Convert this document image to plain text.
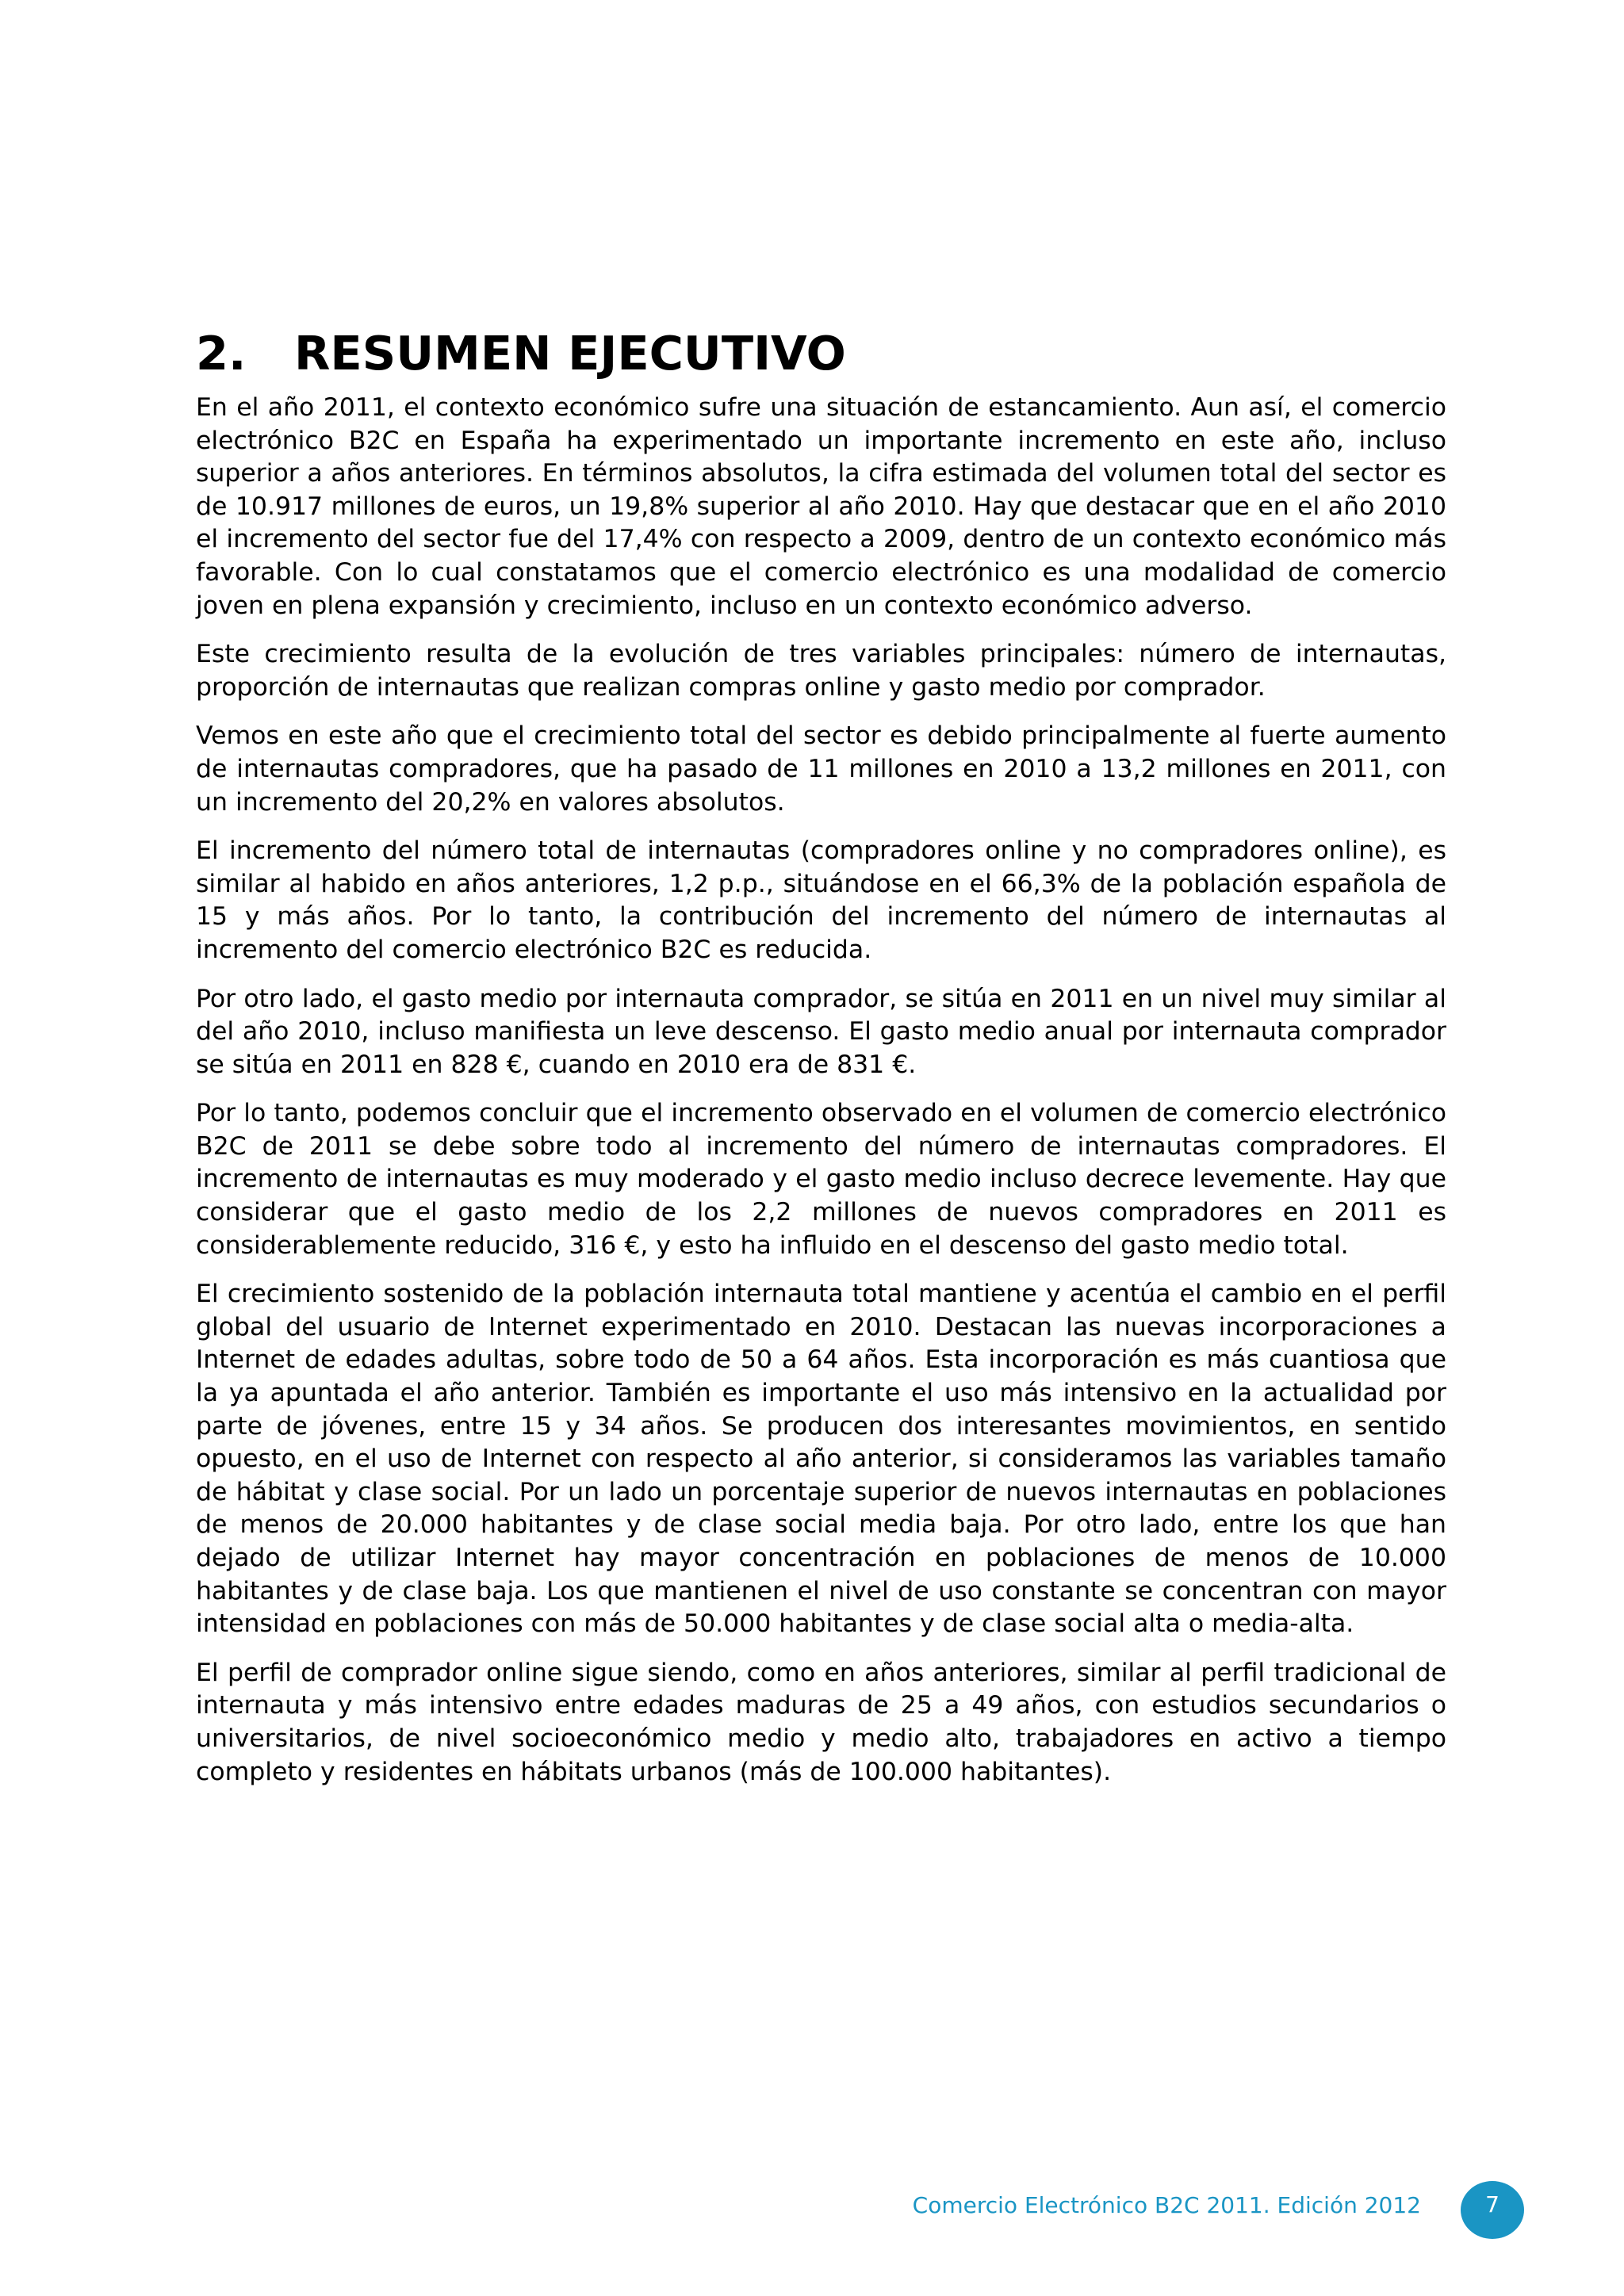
2. RESUMEN EJECUTIVO

En el año 2011, el contexto económico sufre una situación de estancamiento. Aun así, el comercio electrónico B2C en España ha experimentado un importante incremento en este año, incluso superior a años anteriores. En términos absolutos, la cifra estimada del volumen total del sector es de 10.917 millones de euros, un 19,8% superior al año 2010. Hay que destacar que en el año 2010 el incremento del sector fue del 17,4% con respecto a 2009, dentro de un contexto económico más favorable. Con lo cual constatamos que el comercio electrónico es una modalidad de comercio joven en plena expansión y crecimiento, incluso en un contexto económico adverso.

Este crecimiento resulta de la evolución de tres variables principales: número de internautas, proporción de internautas que realizan compras online y gasto medio por comprador.

Vemos en este año que el crecimiento total del sector es debido principalmente al fuerte aumento de internautas compradores, que ha pasado de 11 millones en 2010 a 13,2 millones en 2011, con un incremento del 20,2% en valores absolutos.

El incremento del número total de internautas (compradores online y no compradores online), es similar al habido en años anteriores, 1,2 p.p., situándose en el 66,3% de la población española de 15 y más años. Por lo tanto, la contribución del incremento del número de internautas al incremento del comercio electrónico B2C es reducida.

Por otro lado, el gasto medio por internauta comprador, se sitúa en 2011 en un nivel muy similar al del año 2010, incluso manifiesta un leve descenso. El gasto medio anual por internauta comprador se sitúa en 2011 en 828 €, cuando en 2010 era de 831 €.

Por lo tanto, podemos concluir que el incremento observado en el volumen de comercio electrónico B2C de 2011 se debe sobre todo al incremento del número de internautas compradores. El incremento de internautas es muy moderado y el gasto medio incluso decrece levemente. Hay que considerar que el gasto medio de los 2,2 millones de nuevos compradores en 2011 es considerablemente reducido, 316 €, y esto ha influido en el descenso del gasto medio total.

El crecimiento sostenido de la población internauta total mantiene y acentúa el cambio en el perfil global del usuario de Internet experimentado en 2010. Destacan las nuevas incorporaciones a Internet de edades adultas, sobre todo de 50 a 64 años. Esta incorporación es más cuantiosa que la ya apuntada el año anterior. También es importante el uso más intensivo en la actualidad por parte de jóvenes, entre 15 y 34 años. Se producen dos interesantes movimientos, en sentido opuesto, en el uso de Internet con respecto al año anterior, si consideramos las variables tamaño de hábitat y clase social. Por un lado un porcentaje superior de nuevos internautas en poblaciones de menos de 20.000 habitantes y de clase social media baja. Por otro lado, entre los que han dejado de utilizar Internet hay mayor concentración en poblaciones de menos de 10.000 habitantes y de clase baja. Los que mantienen el nivel de uso constante se concentran con mayor intensidad en poblaciones con más de 50.000 habitantes y de clase social alta o media-alta.

El perfil de comprador online sigue siendo, como en años anteriores, similar al perfil tradicional de internauta y más intensivo entre edades maduras de 25 a 49 años, con estudios secundarios o universitarios, de nivel socioeconómico medio y medio alto, trabajadores en activo a tiempo completo y residentes en hábitats urbanos (más de 100.000 habitantes).

Comercio Electrónico B2C 2011. Edición 2012	7
